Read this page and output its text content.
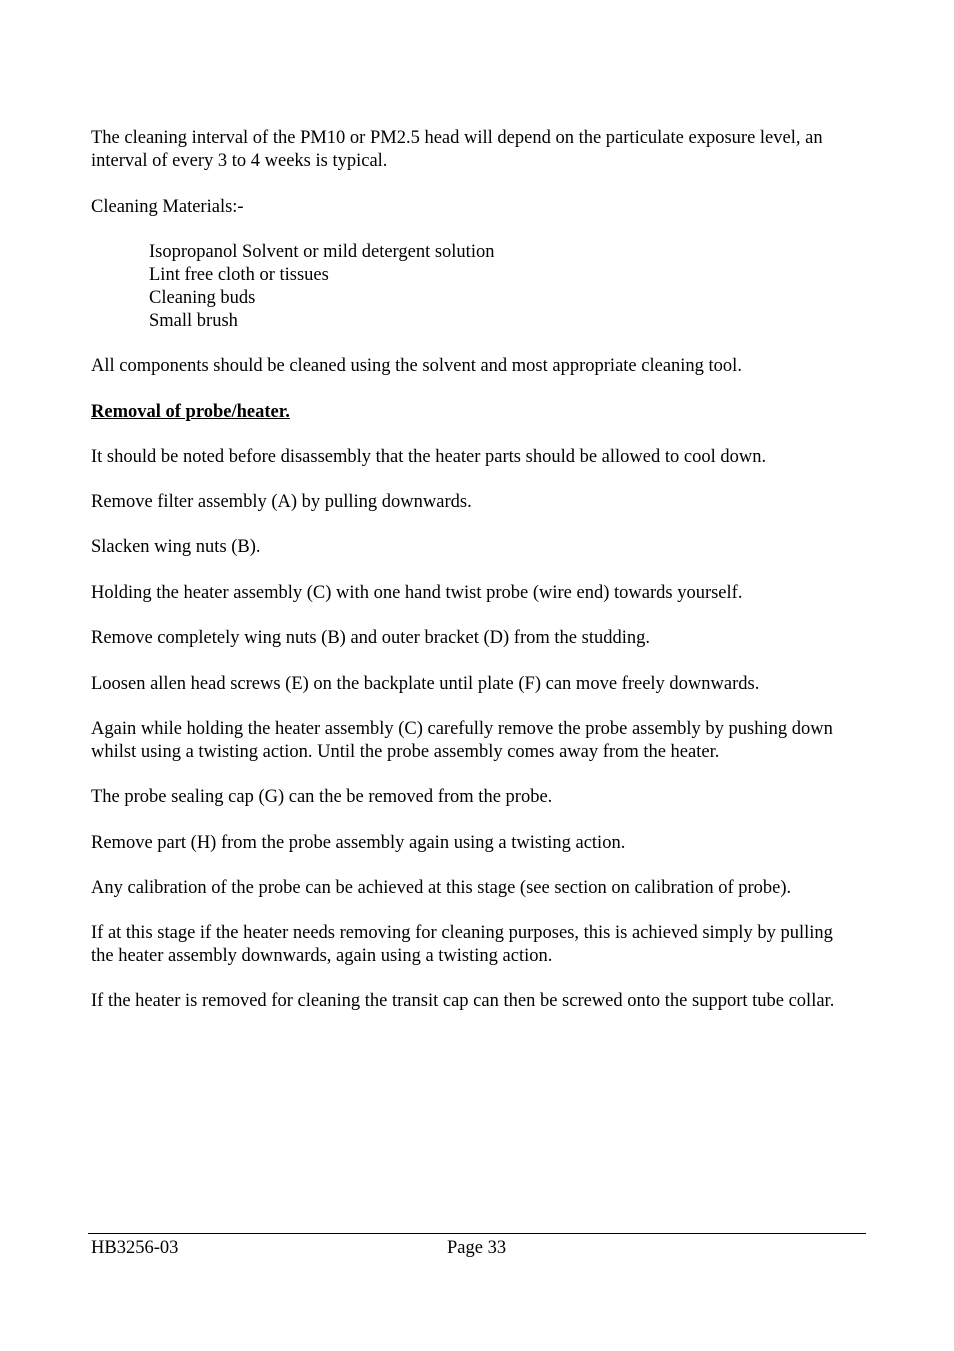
The cleaning interval of the PM10 or PM2.5 head will depend on the particulate exposure level, an interval of every 3 to 4 weeks is typical.

Cleaning Materials:-

Isopropanol Solvent or mild detergent solution
Lint free cloth or tissues
Cleaning buds
Small brush

All components should be cleaned using the solvent and most appropriate cleaning tool.

Removal of probe/heater.

It should be noted before disassembly that the heater parts should be allowed to cool down.

Remove filter assembly (A) by pulling downwards.

Slacken wing nuts (B).

Holding the heater assembly (C) with one hand twist probe (wire end) towards yourself.

Remove completely wing nuts (B) and outer bracket (D) from the studding.

Loosen allen head screws (E) on the backplate until plate (F) can move freely downwards.

Again while holding the heater assembly (C) carefully remove the probe assembly by pushing down whilst using a twisting action. Until the probe assembly comes away from the heater.

The probe sealing cap (G) can the be removed from the probe.

Remove part (H) from the probe assembly again using a twisting action.

Any calibration of the probe can be achieved at this stage (see section on calibration of probe).

If at this stage if the heater needs removing for cleaning purposes, this is achieved simply by pulling the heater assembly downwards, again using a twisting action.

If the heater is removed for cleaning the transit cap can then be screwed onto the support tube collar.

HB3256-03	Page 33
